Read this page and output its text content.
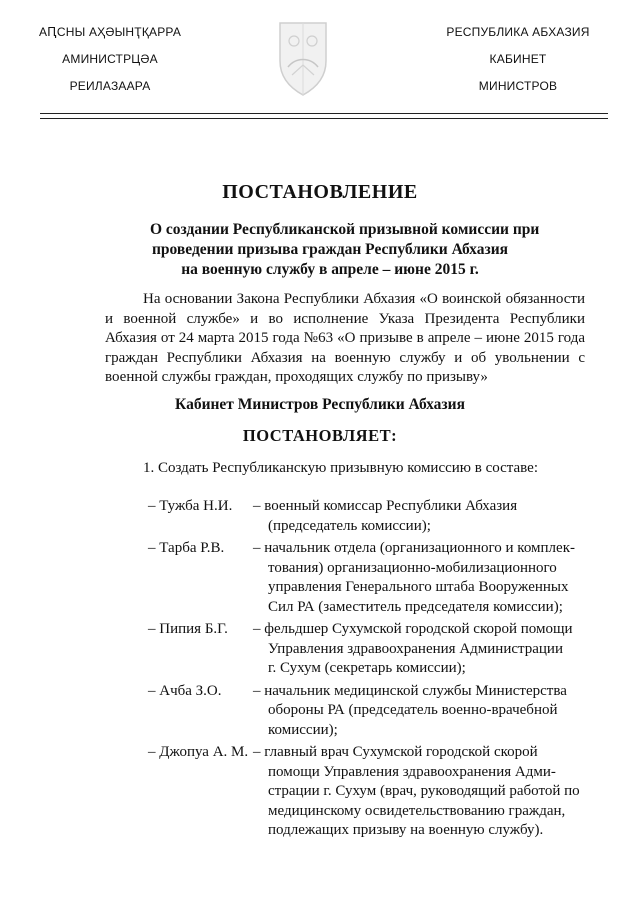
АԤСНЫ АҲӘЫНҬҚАРРА
АМИНИСТРЦӘА
РЕИЛАЗААРА
РЕСПУБЛИКА АБХАЗИЯ
КАБИНЕТ
МИНИСТРОВ
ПОСТАНОВЛЕНИЕ
О создании Республиканской призывной комиссии при
проведении призыва граждан Республики Абхазия
на военную службу в апреле – июне 2015 г.
На основании Закона Республики Абхазия «О воинской обязанности
и военной службе» и во исполнение Указа Президента Республики
Абхазия от 24 марта 2015 года №63 «О призыве в апреле – июне 2015 года
граждан Республики Абхазия на военную службу и об увольнении с
военной службы граждан, проходящих службу по призыву»
Кабинет Министров Республики Абхазия
ПОСТАНОВЛЯЕТ:
1. Создать Республиканскую призывную комиссию в составе:
– Тужба Н.И.	– военный комиссар Республики Абхазия
(председатель комиссии);
– Тарба Р.В.	– начальник отдела (организационного и комплек-
тования) организационно-мобилизационного
управления Генерального штаба Вооруженных
Сил РА (заместитель председателя комиссии);
– Пипия Б.Г.	– фельдшер Сухумской городской скорой помощи
Управления здравоохранения Администрации
г. Сухум (секретарь комиссии);
– Ачба З.О.	– начальник медицинской службы Министерства
обороны РА (председатель военно-врачебной
комиссии);
– Джопуа А. М. – главный врач Сухумской городской скорой
помощи Управления здравоохранения Адми-
страции г. Сухум (врач, руководящий работой по
медицинскому освидетельствованию граждан,
подлежащих призыву на военную службу).
